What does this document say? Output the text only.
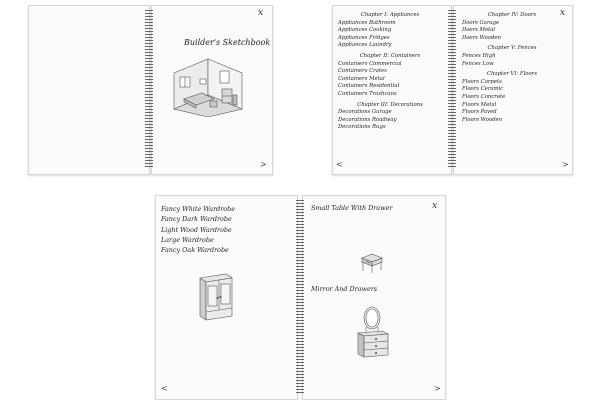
x
Builder's Sketchbook
>
x
Chapter I: Appliances
Appliances Bathroom
Appliances Cooking
Appliances Fridges
Appliances Laundry
Chapter II: Containers
Containers Commercial
Containers Crates
Containers Metal
Containers Residential
Containers Trashcans
Chapter III: Decorations
Decorations Garage
Decorations Roadway
Decorations Rugs
Chapter IV: Doors
Doors Garage
Doors Metal
Doors Wooden
Chapter V: Fences
Fences High
Fences Low
Chapter VI: Floors
Floors Carpets
Floors Ceramic
Floors Concrete
Floors Metal
Floors Paved
Floors Wooden
<	>
x
Fancy White Wardrobe
Fancy Dark Wardrobe
Light Wood Wardrobe
Large Wardrobe
Fancy Oak Wardrobe
Small Table With Drawer
Mirror And Drawers
<	>
